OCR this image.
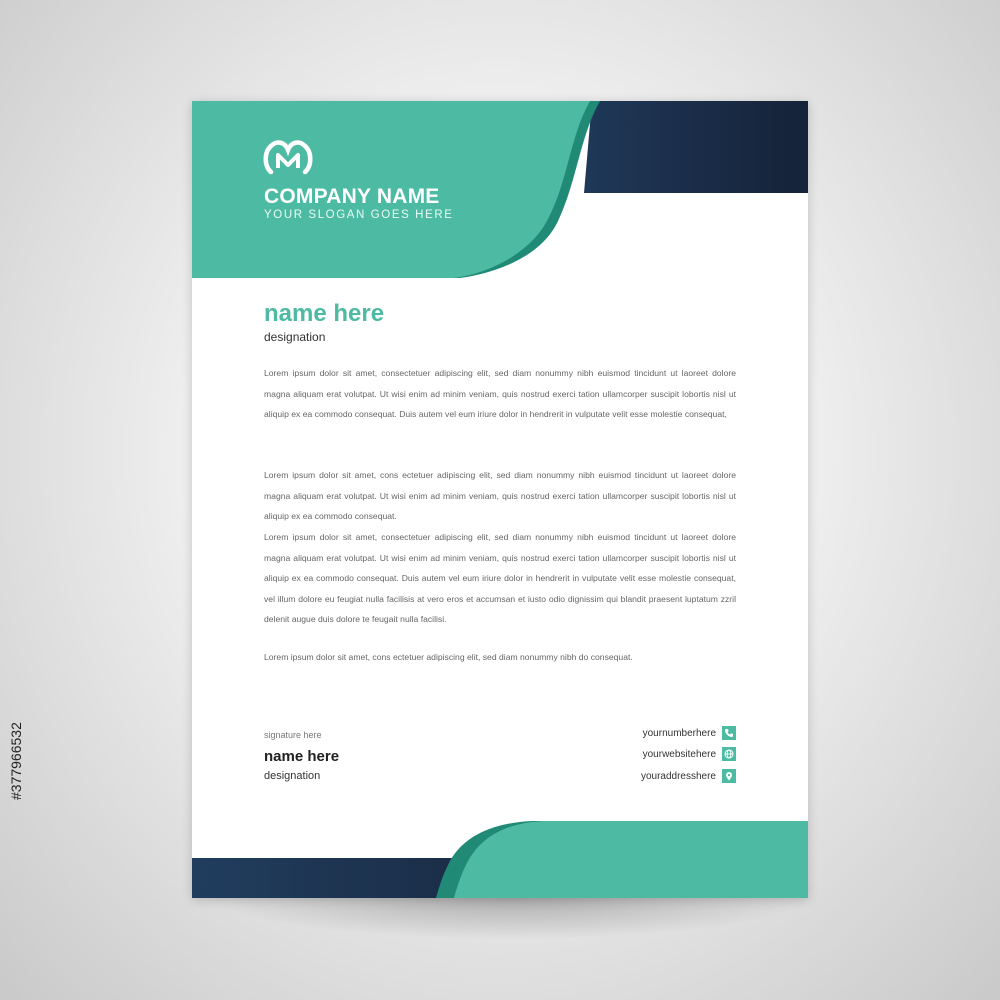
COMPANY NAME
YOUR SLOGAN GOES HERE
name here
designation
Lorem ipsum dolor sit amet, consectetuer adipiscing elit, sed diam nonummy nibh euismod tincidunt ut laoreet dolore magna aliquam erat volutpat. Ut wisi enim ad minim veniam, quis nostrud exerci tation ullamcorper suscipit lobortis nisl ut aliquip ex ea commodo consequat. Duis autem vel eum iriure dolor in hendrerit in vulputate velit esse molestie consequat,
Lorem ipsum dolor sit amet, cons ectetuer adipiscing elit, sed diam nonummy nibh euismod tincidunt ut laoreet dolore magna aliquam erat volutpat. Ut wisi enim ad minim veniam, quis nostrud exerci tation ullamcorper suscipit lobortis nisl ut aliquip ex ea commodo consequat.
Lorem ipsum dolor sit amet, consectetuer adipiscing elit, sed diam nonummy nibh euismod tincidunt ut laoreet dolore magna aliquam erat volutpat. Ut wisi enim ad minim veniam, quis nostrud exerci tation ullamcorper suscipit lobortis nisl ut aliquip ex ea commodo consequat. Duis autem vel eum iriure dolor in hendrerit in vulputate velit esse molestie consequat, vel illum dolore eu feugiat nulla facilisis at vero eros et accumsan et iusto odio dignissim qui blandit praesent luptatum zzril delenit augue duis dolore te feugait nulla facilisi.
Lorem ipsum dolor sit amet, cons ectetuer adipiscing elit, sed diam nonummy nibh do consequat.
signature here
name here
designation
yournumberhere
yourwebsitehere
youraddresshere
#377966532
